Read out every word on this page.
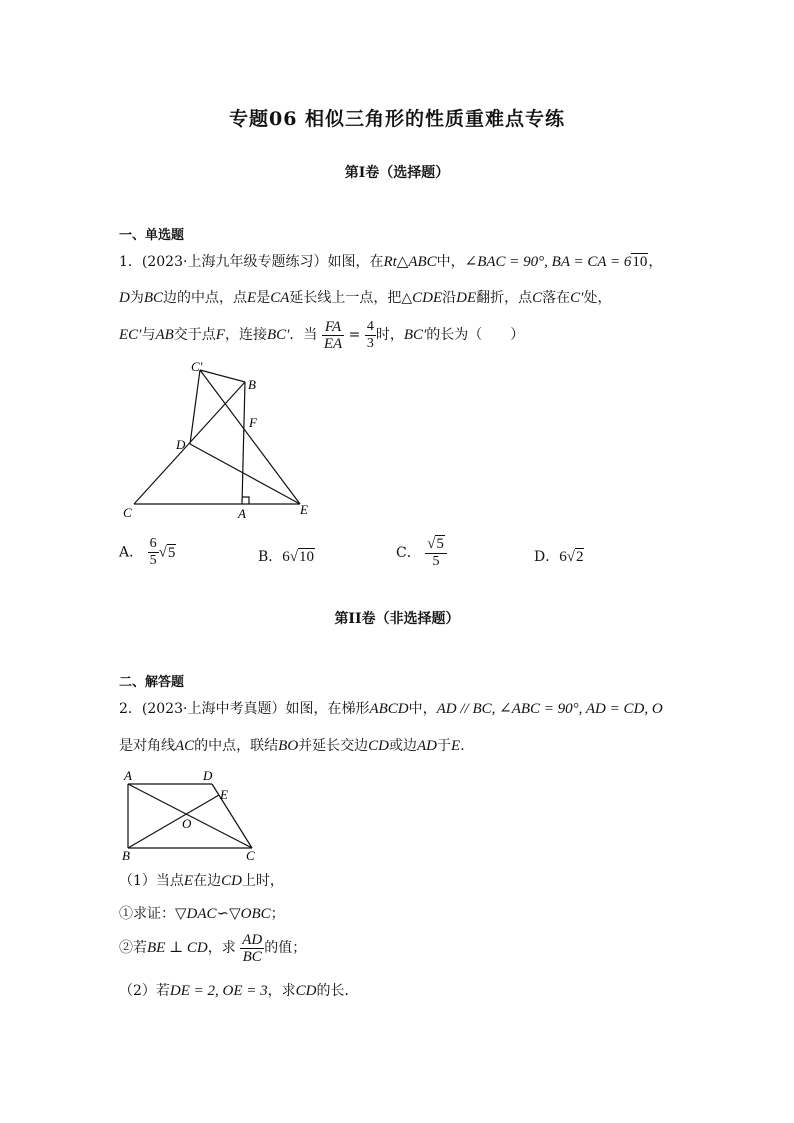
专题06 相似三角形的性质重难点专练
第I卷（选择题）
一、单选题
1．(2023·上海九年级专题练习）如图，在Rt△ABC中，∠BAC = 90°, BA = CA = 610，
D为BC边的中点，点E是CA延长线上一点，把△CDE沿DE翻折，点C落在C′处，
EC′与AB交于点F，连接BC′．当 $\frac{FA}{EA} = \frac{4}{3}$ 时，BC′的长为（　　）
C′
B
F
D
C	A	E
A． $\frac{6}{5} √5$	B．6√10	C． $\frac{√5}{5}$	D．6√2
第II卷（非选择题）
二、解答题
2．(2023·上海中考真题）如图，在梯形ABCD中，AD // BC, ∠ABC = 90°, AD = CD, O
是对角线AC的中点，联结BO并延长交边CD或边AD于E．
A	D
E
O
B	C
（1）当点E在边CD上时，
①求证：▽DAC∽▽OBC；
②若BE ⊥ CD，求 $\frac{AD}{BC}$ 的值；
（2）若DE = 2, OE = 3，求CD的长．
